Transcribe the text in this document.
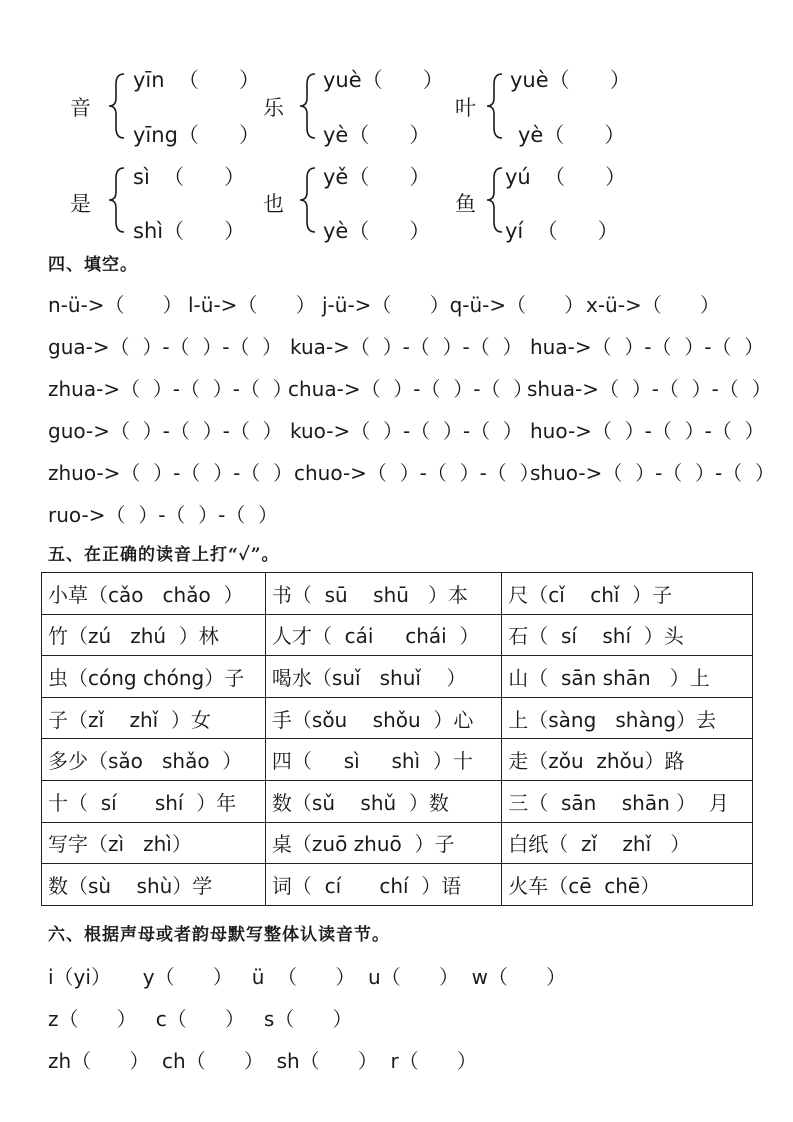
音
yīn  （      ）
yīng（      ）
乐
yuè（      ）
yè（      ）
叶
yuè（      ）
yè（      ）
是
sì  （      ）
shì（      ）
也
yě（      ）
yè（      ）
鱼
yú  （      ）
yí  （      ）
四、填空。
n-ü->（      ） l-ü->（      ） j-ü->（      ）q-ü->（      ） x-ü->（      ）
gua->（  ）-（  ）-（  ） kua->（  ）-（  ）-（  ） hua->（  ）-（  ）-（  ）
zhua->（  ）-（  ）-（  ）
chua->（  ）-（  ）-（  ）
shua->（  ）-（  ）-（  ）
guo->（  ）-（  ）-（  ） kuo->（  ）-（  ）-（  ） huo->（  ）-（  ）-（  ）
zhuo->（  ）-（  ）-（  ） chuo->（  ）-（  ）-（  ）
shuo->（  ）-（  ）-（  ）
ruo->（  ）-（  ）-（  ）
五、在正确的读音上打“✓”。
小草（cǎo   chǎo  ）	书（  sū    shū   ）本	尺（cǐ    chǐ  ）子
竹（zú   zhú  ）林	人才（  cái     chái  ）	石（  sí    shí  ）头
虫（cóng chóng）子	喝水（suǐ   shuǐ    ）	山（  sān shān   ）上
子（zǐ    zhǐ  ）女	手（sǒu    shǒu  ）心	上（sàng   shàng）去
多少（sǎo   shǎo  ）	四（     sì     shì  ）十	走（zǒu  zhǒu）路
十（  sí      shí  ）年	数（sǔ    shǔ  ）数	三（  sān    shān ）  月
写字（zì   zhì）	桌（zuō zhuō  ）子	白纸（  zǐ    zhǐ   ）
数（sù    shù）学	词（  cí      chí  ）语	火车（cē  chē）
六、根据声母或者韵母默写整体认读音节。
i（yi）     y（      ）   ü  （      ）  u（      ）  w（      ）
z（      ）   c（      ）   s（      ）
zh（      ）  ch（      ）  sh（      ）  r（      ）
